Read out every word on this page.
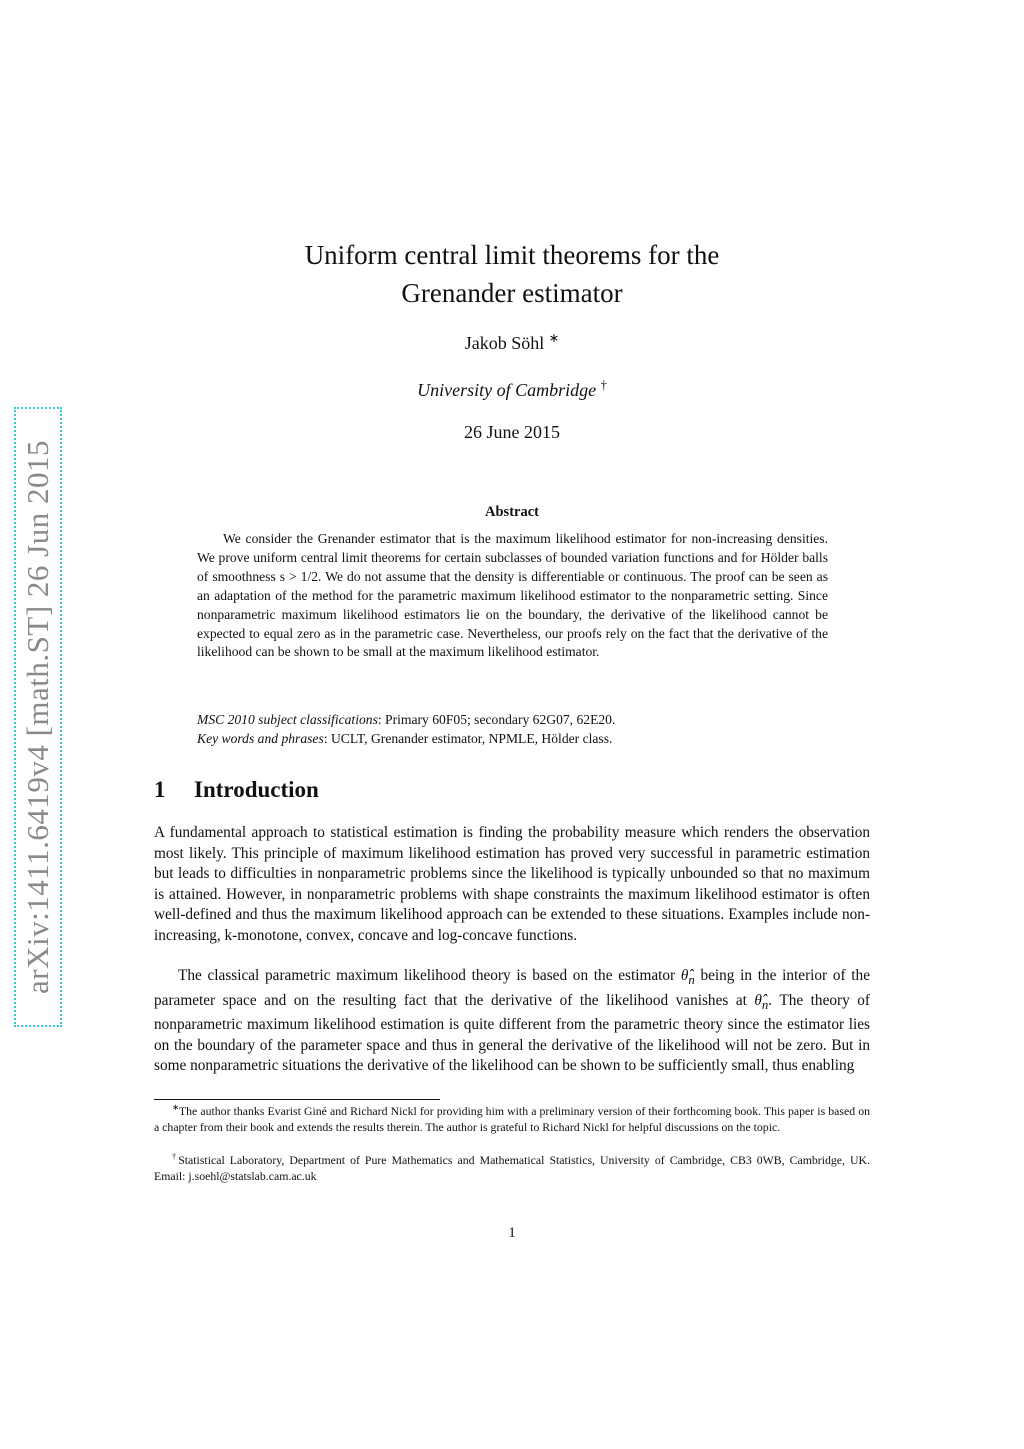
arXiv:1411.6419v4 [math.ST] 26 Jun 2015
Uniform central limit theorems for the
Grenander estimator
Jakob Söhl ∗
University of Cambridge †
26 June 2015
Abstract
We consider the Grenander estimator that is the maximum likelihood estimator for non-increasing densities. We prove uniform central limit theorems for certain subclasses of bounded variation functions and for Hölder balls of smoothness s > 1/2. We do not assume that the density is differentiable or continuous. The proof can be seen as an adaptation of the method for the parametric maximum likelihood estimator to the nonparametric setting. Since nonparametric maximum likelihood estimators lie on the boundary, the derivative of the likelihood cannot be expected to equal zero as in the parametric case. Nevertheless, our proofs rely on the fact that the derivative of the likelihood can be shown to be small at the maximum likelihood estimator.
MSC 2010 subject classifications: Primary 60F05; secondary 62G07, 62E20.
Key words and phrases: UCLT, Grenander estimator, NPMLE, Hölder class.
1 Introduction
A fundamental approach to statistical estimation is finding the probability measure which renders the observation most likely. This principle of maximum likelihood estimation has proved very successful in parametric estimation but leads to difficulties in nonparametric problems since the likelihood is typically unbounded so that no maximum is attained. However, in nonparametric problems with shape constraints the maximum likelihood estimator is often well-defined and thus the maximum likelihood approach can be extended to these situations. Examples include non-increasing, k-monotone, convex, concave and log-concave functions.
The classical parametric maximum likelihood theory is based on the estimator $\thetâ_n$ being in the interior of the parameter space and on the resulting fact that the derivative of the likelihood vanishes at $\thetâ_n$. The theory of nonparametric maximum likelihood estimation is quite different from the parametric theory since the estimator lies on the boundary of the parameter space and thus in general the derivative of the likelihood will not be zero. But in some nonparametric situations the derivative of the likelihood can be shown to be sufficiently small, thus enabling
∗The author thanks Evarist Giné and Richard Nickl for providing him with a preliminary version of their forthcoming book. This paper is based on a chapter from their book and extends the results therein. The author is grateful to Richard Nickl for helpful discussions on the topic.
†Statistical Laboratory, Department of Pure Mathematics and Mathematical Statistics, University of Cambridge, CB3 0WB, Cambridge, UK. Email: j.soehl@statslab.cam.ac.uk
1
